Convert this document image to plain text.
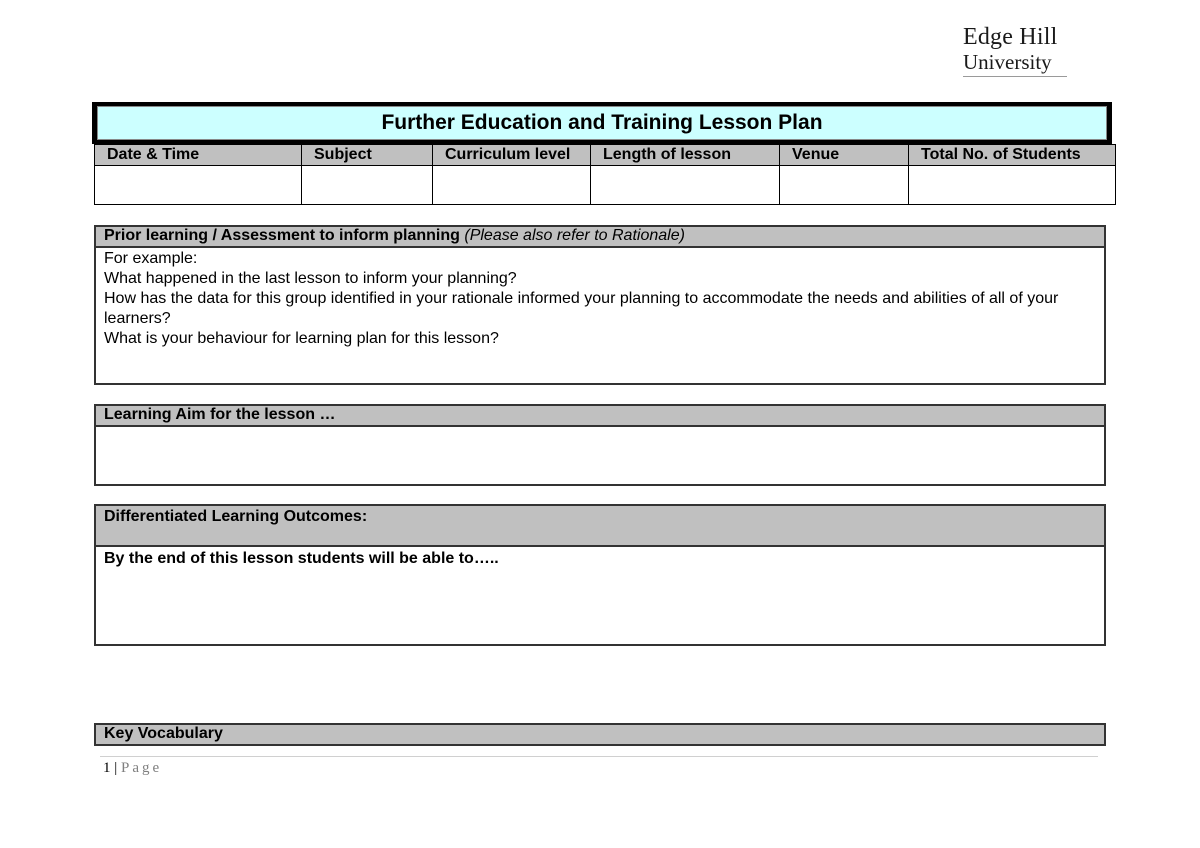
Edge Hill
University
Further Education and Training Lesson Plan
Date & Time	Subject	Curriculum level	Length of lesson	Venue	Total No. of Students

Prior learning / Assessment to inform planning (Please also refer to Rationale)
For example:
What happened in the last lesson to inform your planning?
How has the data for this group identified in your rationale informed your planning to accommodate the needs and abilities of all of your learners?
What is your behaviour for learning plan for this lesson?
Learning Aim for the lesson …
Differentiated Learning Outcomes:
By the end of this lesson students will be able to…..
Key Vocabulary
1 | Page
